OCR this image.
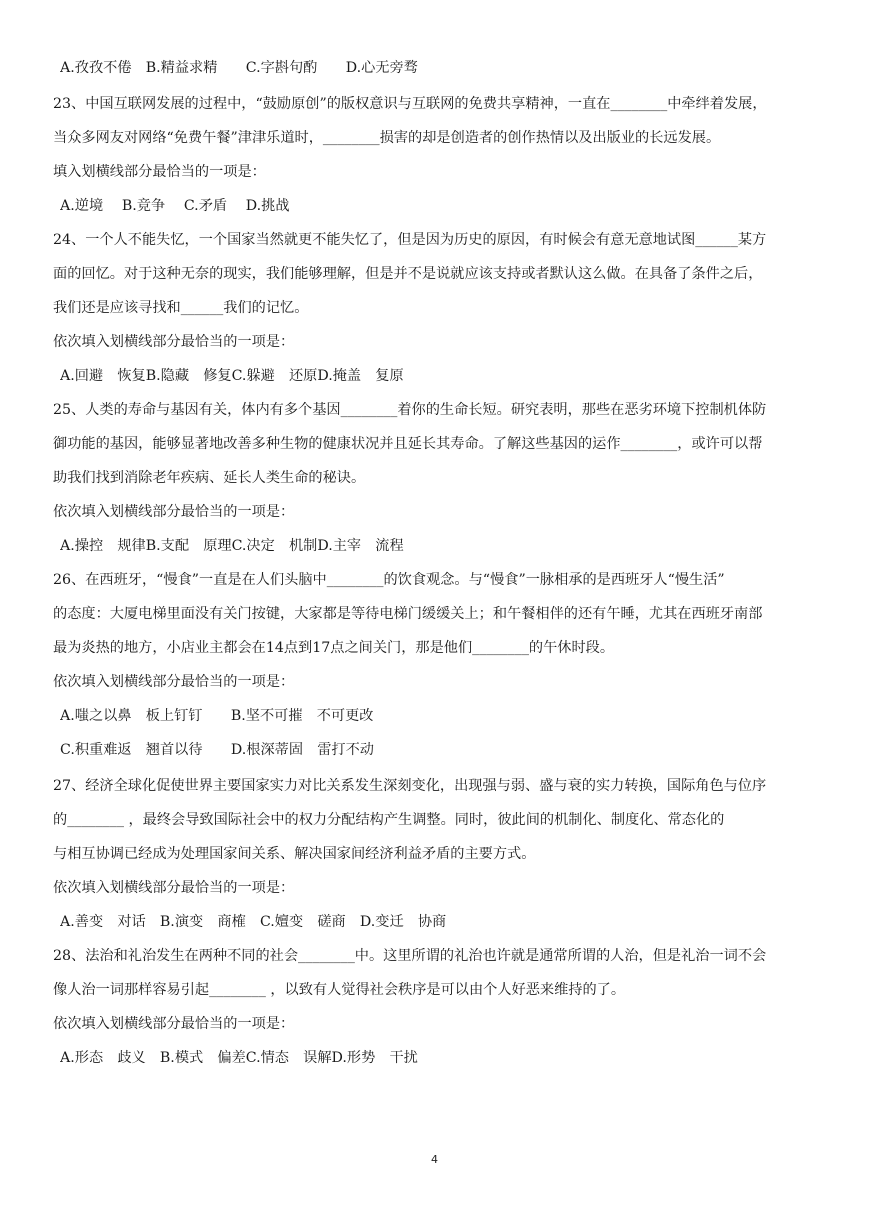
A.孜孜不倦　B.精益求精　　C.字斟句酌　　D.心无旁骛
23、中国互联网发展的过程中，“鼓励原创”的版权意识与互联网的免费共享精神，一直在________中牵绊着发展，
当众多网友对网络“免费午餐”津津乐道时，________损害的却是创造者的创作热情以及出版业的长远发展。
填入划横线部分最恰当的一项是：
A.逆境　 B.竞争　 C.矛盾　 D.挑战
24、一个人不能失忆，一个国家当然就更不能失忆了，但是因为历史的原因，有时候会有意无意地试图______某方
面的回忆。对于这种无奈的现实，我们能够理解，但是并不是说就应该支持或者默认这么做。在具备了条件之后，
我们还是应该寻找和______我们的记忆。
依次填入划横线部分最恰当的一项是：
A.回避　恢复B.隐藏　修复C.躲避　还原D.掩盖　复原
25、人类的寿命与基因有关，体内有多个基因________着你的生命长短。研究表明，那些在恶劣环境下控制机体防
御功能的基因，能够显著地改善多种生物的健康状况并且延长其寿命。了解这些基因的运作________，或许可以帮
助我们找到消除老年疾病、延长人类生命的秘诀。
依次填入划横线部分最恰当的一项是：
A.操控　规律B.支配　原理C.决定　机制D.主宰　流程
26、在西班牙，“慢食”一直是在人们头脑中________的饮食观念。与“慢食”一脉相承的是西班牙人“慢生活”
的态度：大厦电梯里面没有关门按键，大家都是等待电梯门缓缓关上；和午餐相伴的还有午睡，尤其在西班牙南部
最为炎热的地方，小店业主都会在14点到17点之间关门，那是他们________的午休时段。
依次填入划横线部分最恰当的一项是：
A.嗤之以鼻　板上钉钉　　B.坚不可摧　不可更改
C.积重难返　翘首以待　　D.根深蒂固　雷打不动
27、经济全球化促使世界主要国家实力对比关系发生深刻变化，出现强与弱、盛与衰的实力转换，国际角色与位序
的________ ，最终会导致国际社会中的权力分配结构产生调整。同时，彼此间的机制化、制度化、常态化的
与相互协调已经成为处理国家间关系、解决国家间经济利益矛盾的主要方式。
依次填入划横线部分最恰当的一项是：
A.善变　对话　B.演变　商榷　C.嬗变　磋商　D.变迁　协商
28、法治和礼治发生在两种不同的社会________中。这里所谓的礼治也许就是通常所谓的人治，但是礼治一词不会
像人治一词那样容易引起________ ，以致有人觉得社会秩序是可以由个人好恶来维持的了。
依次填入划横线部分最恰当的一项是：
A.形态　歧义　B.模式　偏差C.情态　误解D.形势　干扰
4
